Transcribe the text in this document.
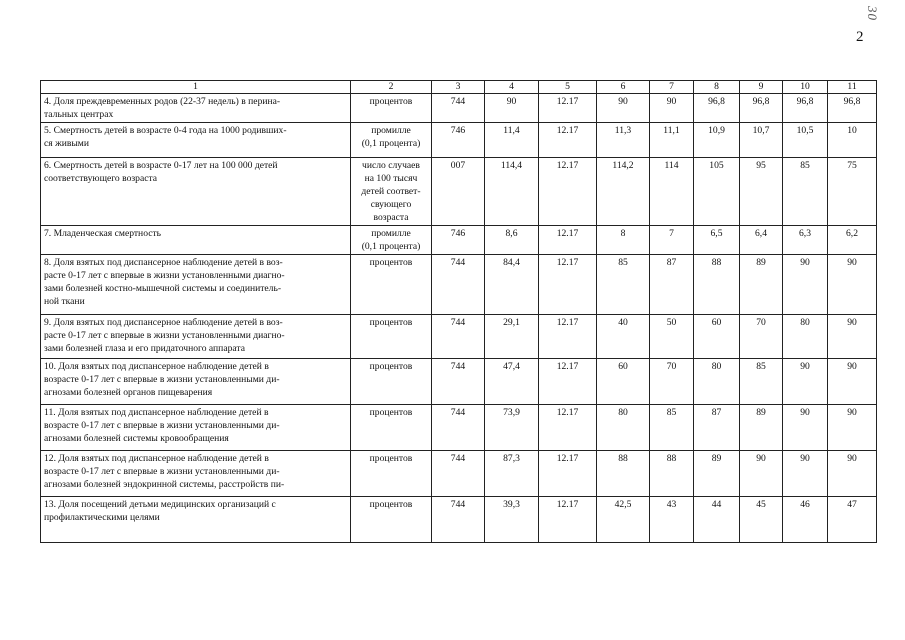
2
30
1	2	3	4	5	6	7	8	9	10	11
4. Доля преждевременных родов (22-37 недель) в перина-
тальных центрах	процентов	744	90	12.17	90	90	96,8	96,8	96,8	96,8
5. Смертность детей в возрасте 0-4 года на 1000 родивших-
ся живыми	промилле
(0,1 процента)	746	11,4	12.17	11,3	11,1	10,9	10,7	10,5	10
6. Смертность детей в возрасте 0-17 лет на 100 000 детей
соответствующего возраста	число случаев
на 100 тысяч
детей соответ-
свующего
возраста	007	114,4	12.17	114,2	114	105	95	85	75
7. Младенческая смертность	промилле
(0,1 процента)	746	8,6	12.17	8	7	6,5	6,4	6,3	6,2
8. Доля взятых под диспансерное наблюдение детей в воз-
расте 0-17 лет с впервые в жизни установленными диагно-
зами болезней костно-мышечной системы и соединитель-
ной ткани	процентов	744	84,4	12.17	85	87	88	89	90	90
9. Доля взятых под диспансерное наблюдение детей в воз-
расте 0-17 лет с впервые в жизни установленными диагно-
зами болезней глаза и его придаточного аппарата	процентов	744	29,1	12.17	40	50	60	70	80	90
10. Доля взятых под диспансерное наблюдение детей в
возрасте 0-17 лет с впервые в жизни установленными ди-
агнозами болезней органов пищеварения	процентов	744	47,4	12.17	60	70	80	85	90	90
11. Доля взятых под диспансерное наблюдение детей в
возрасте 0-17 лет с впервые в жизни установленными ди-
агнозами болезней системы кровообращения	процентов	744	73,9	12.17	80	85	87	89	90	90
12. Доля взятых под диспансерное наблюдение детей в
возрасте 0-17 лет с впервые в жизни установленными ди-
агнозами болезней эндокринной системы, расстройств пи-	процентов	744	87,3	12.17	88	88	89	90	90	90
13. Доля посещений детьми медицинских организаций с
профилактическими целями	процентов	744	39,3	12.17	42,5	43	44	45	46	47
